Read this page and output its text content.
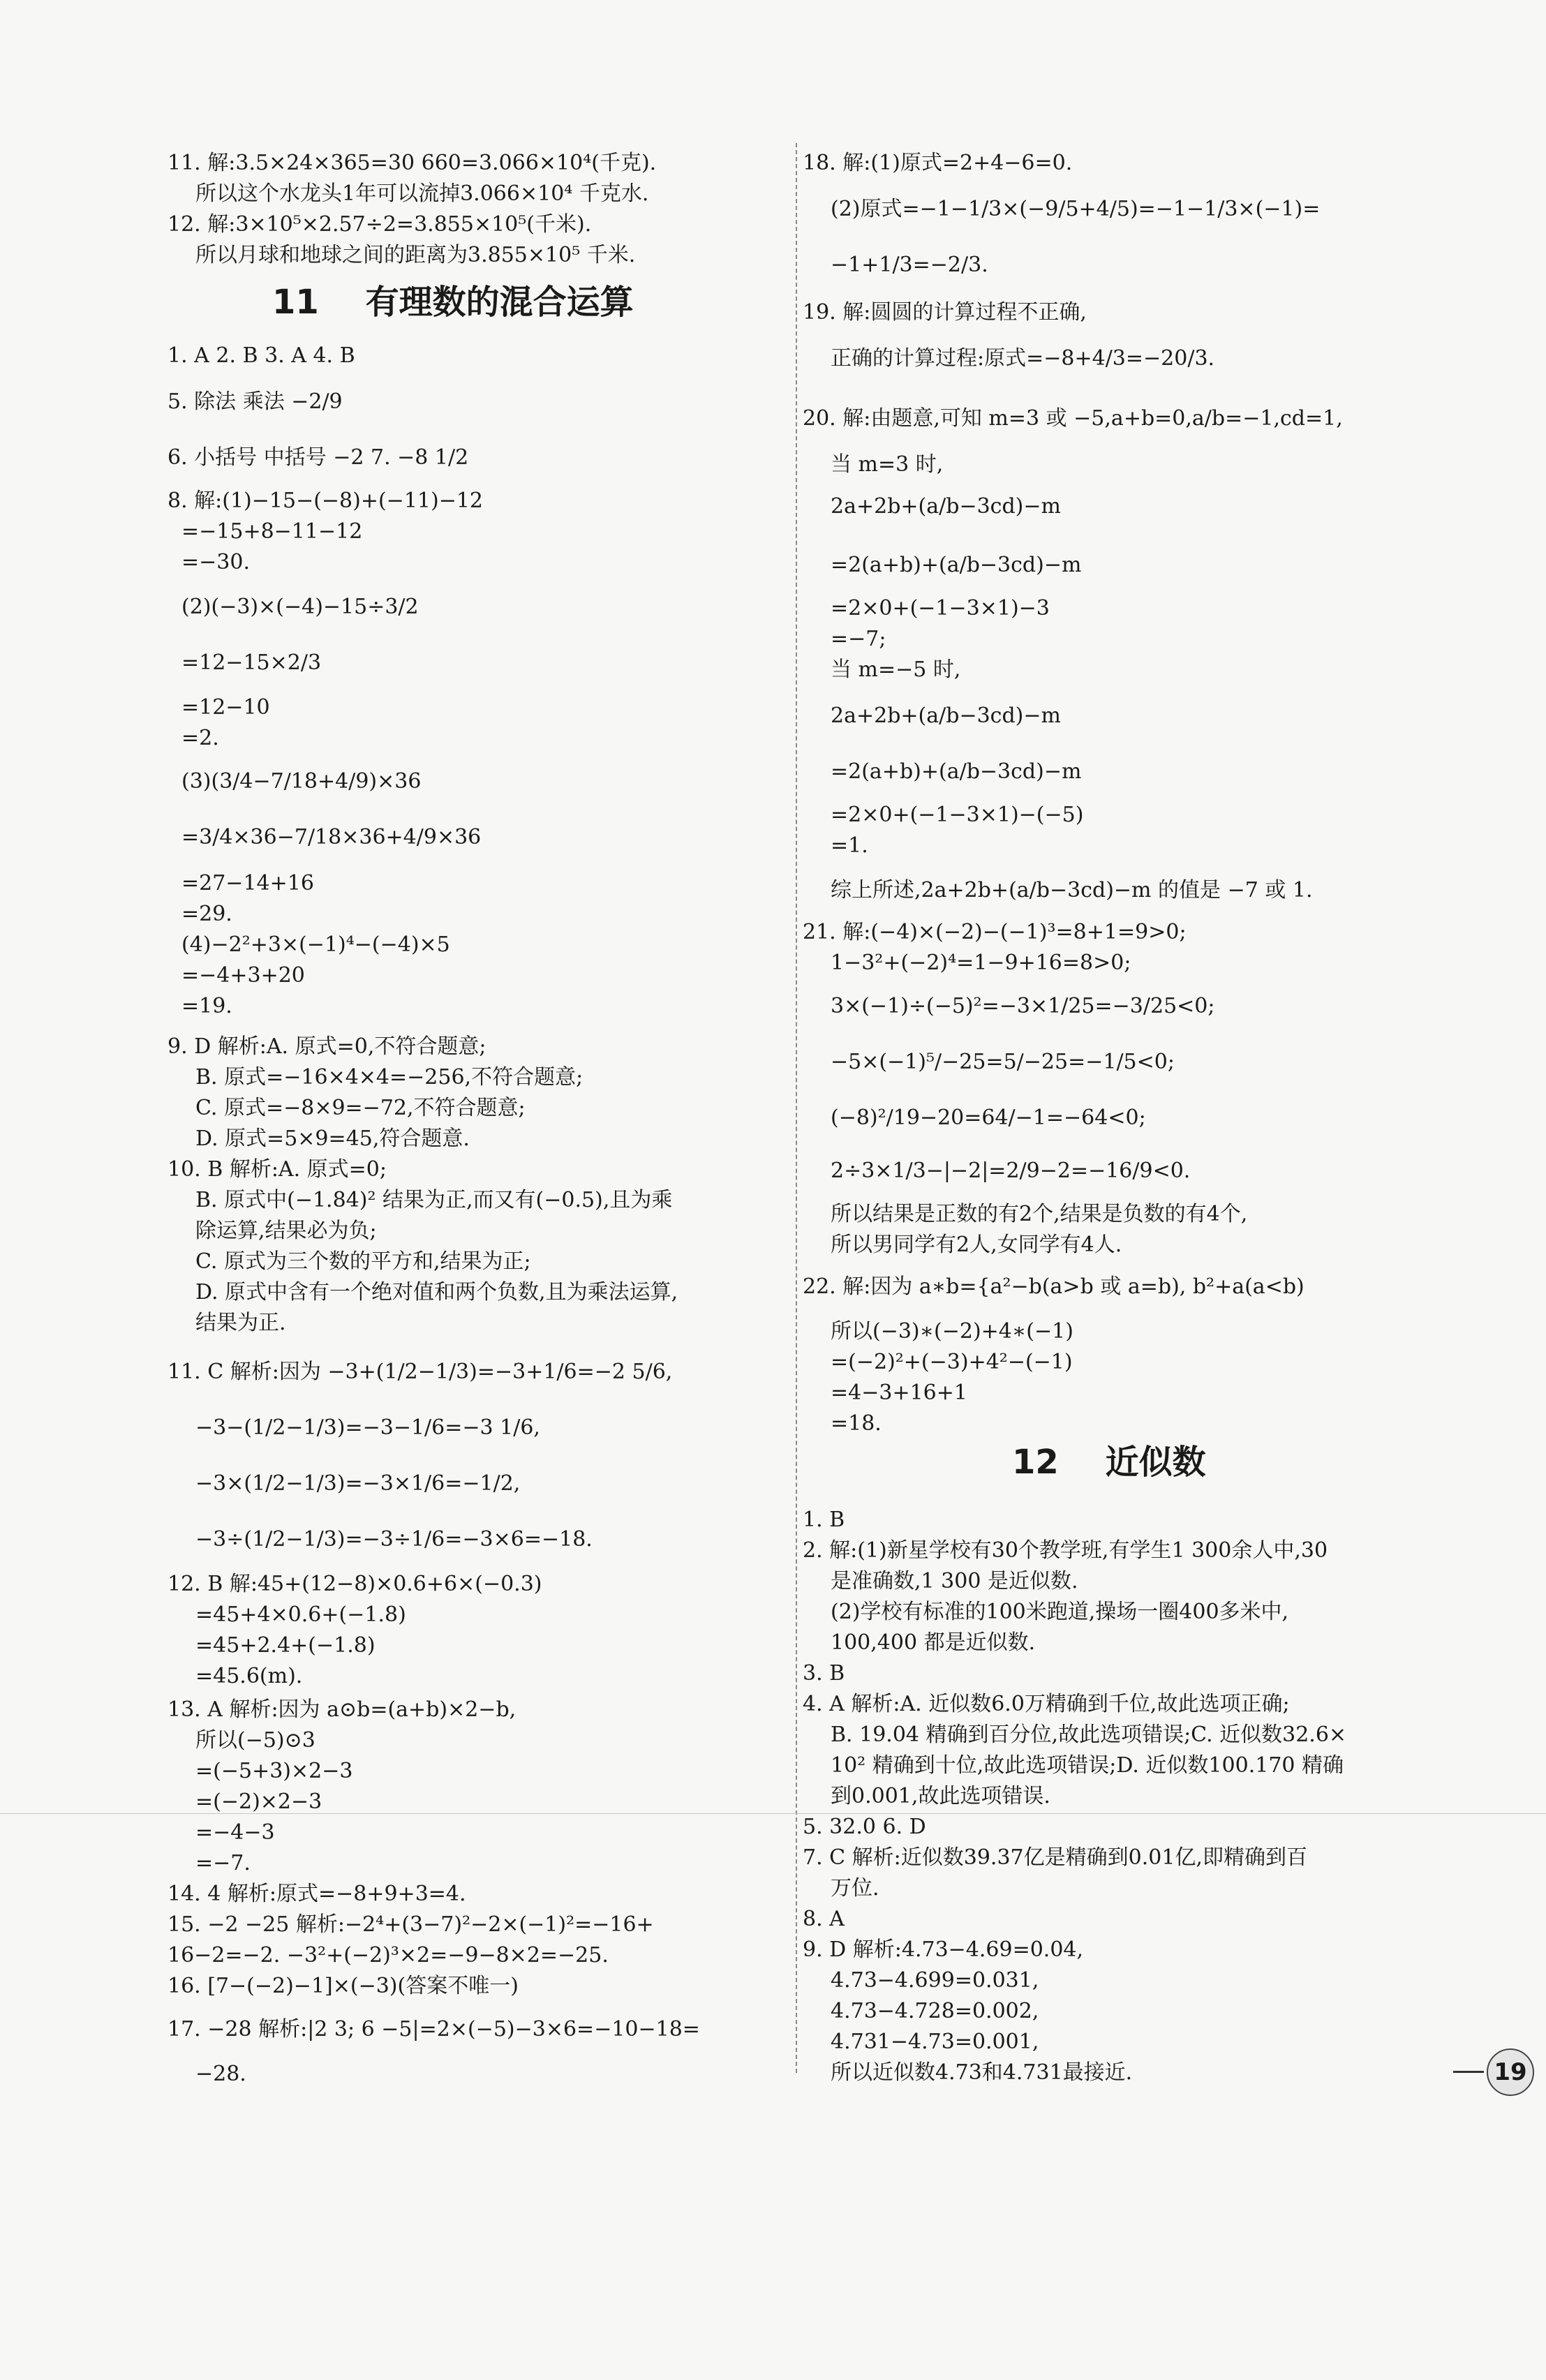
11. 解:3.5×24×365=30 660=3.066×10⁴(千克).
所以这个水龙头1年可以流掉3.066×10⁴ 千克水.
12. 解:3×10⁵×2.57÷2=3.855×10⁵(千米).
所以月球和地球之间的距离为3.855×10⁵ 千米.
11 有理数的混合运算
1. A 2. B 3. A 4. B
5. 除法 乘法 −2/9
6. 小括号 中括号 −2 7. −8 1/2
8. 解:(1)−15−(−8)+(−11)−12
=−15+8−11−12
=−30.
(2)(−3)×(−4)−15÷3/2
=12−15×2/3
=12−10
=2.
(3)(3/4−7/18+4/9)×36
=3/4×36−7/18×36+4/9×36
=27−14+16
=29.
(4)−2²+3×(−1)⁴−(−4)×5
=−4+3+20
=19.
9. D 解析:A. 原式=0,不符合题意;
B. 原式=−16×4×4=−256,不符合题意;
C. 原式=−8×9=−72,不符合题意;
D. 原式=5×9=45,符合题意.
10. B 解析:A. 原式=0;
B. 原式中(−1.84)² 结果为正,而又有(−0.5),且为乘
除运算,结果必为负;
C. 原式为三个数的平方和,结果为正;
D. 原式中含有一个绝对值和两个负数,且为乘法运算,
结果为正.
11. C 解析:因为 −3+(1/2−1/3)=−3+1/6=−2 5/6,
−3−(1/2−1/3)=−3−1/6=−3 1/6,
−3×(1/2−1/3)=−3×1/6=−1/2,
−3÷(1/2−1/3)=−3÷1/6=−3×6=−18.
12. B 解:45+(12−8)×0.6+6×(−0.3)
=45+4×0.6+(−1.8)
=45+2.4+(−1.8)
=45.6(m).
13. A 解析:因为 a⊙b=(a+b)×2−b,
所以(−5)⊙3
=(−5+3)×2−3
=(−2)×2−3
=−4−3
=−7.
14. 4 解析:原式=−8+9+3=4.
15. −2 −25 解析:−2⁴+(3−7)²−2×(−1)²=−16+
16−2=−2. −3²+(−2)³×2=−9−8×2=−25.
16. [7−(−2)−1]×(−3)(答案不唯一)
17. −28 解析:|2 3; 6 −5|=2×(−5)−3×6=−10−18=
−28.
18. 解:(1)原式=2+4−6=0.
(2)原式=−1−1/3×(−9/5+4/5)=−1−1/3×(−1)=
−1+1/3=−2/3.
19. 解:圆圆的计算过程不正确,
正确的计算过程:原式=−8+4/3=−20/3.
20. 解:由题意,可知 m=3 或 −5,a+b=0,a/b=−1,cd=1,
当 m=3 时,
2a+2b+(a/b−3cd)−m
=2(a+b)+(a/b−3cd)−m
=2×0+(−1−3×1)−3
=−7;
当 m=−5 时,
2a+2b+(a/b−3cd)−m
=2(a+b)+(a/b−3cd)−m
=2×0+(−1−3×1)−(−5)
=1.
综上所述,2a+2b+(a/b−3cd)−m 的值是 −7 或 1.
21. 解:(−4)×(−2)−(−1)³=8+1=9>0;
1−3²+(−2)⁴=1−9+16=8>0;
3×(−1)÷(−5)²=−3×1/25=−3/25<0;
−5×(−1)⁵/−25=5/−25=−1/5<0;
(−8)²/19−20=64/−1=−64<0;
2÷3×1/3−|−2|=2/9−2=−16/9<0.
所以结果是正数的有2个,结果是负数的有4个,
所以男同学有2人,女同学有4人.
22. 解:因为 a∗b={a²−b(a>b 或 a=b), b²+a(a<b)
所以(−3)∗(−2)+4∗(−1)
=(−2)²+(−3)+4²−(−1)
=4−3+16+1
=18.
12 近似数
1. B
2. 解:(1)新星学校有30个教学班,有学生1 300余人中,30
是准确数,1 300 是近似数.
(2)学校有标准的100米跑道,操场一圈400多米中,
100,400 都是近似数.
3. B
4. A 解析:A. 近似数6.0万精确到千位,故此选项正确;
B. 19.04 精确到百分位,故此选项错误;C. 近似数32.6×
10² 精确到十位,故此选项错误;D. 近似数100.170 精确
到0.001,故此选项错误.
5. 32.0 6. D
7. C 解析:近似数39.37亿是精确到0.01亿,即精确到百
万位.
8. A
9. D 解析:4.73−4.69=0.04,
4.73−4.699=0.031,
4.73−4.728=0.002,
4.731−4.73=0.001,
所以近似数4.73和4.731最接近.	19
